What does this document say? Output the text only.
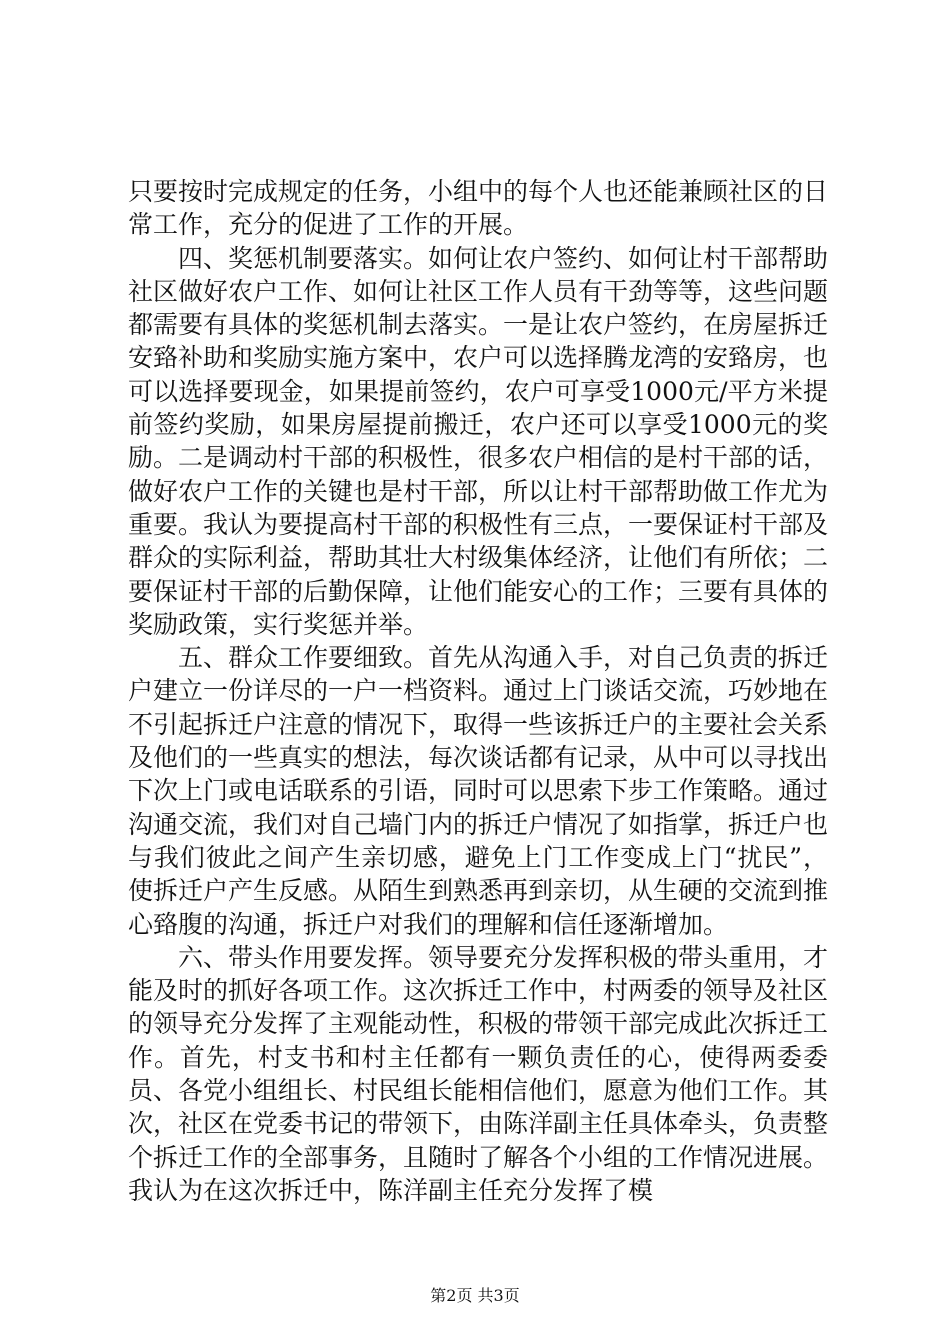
只要按时完成规定的任务，小组中的每个人也还能兼顾社区的日常工作，充分的促进了工作的开展。

四、奖惩机制要落实。如何让农户签约、如何让村干部帮助社区做好农户工作、如何让社区工作人员有干劲等等，这些问题都需要有具体的奖惩机制去落实。一是让农户签约，在房屋拆迁安臵补助和奖励实施方案中，农户可以选择腾龙湾的安臵房，也可以选择要现金，如果提前签约，农户可享受1000元/平方米提前签约奖励，如果房屋提前搬迁，农户还可以享受1000元的奖励。二是调动村干部的积极性，很多农户相信的是村干部的话，做好农户工作的关键也是村干部，所以让村干部帮助做工作尤为重要。我认为要提高村干部的积极性有三点，一要保证村干部及群众的实际利益，帮助其壮大村级集体经济，让他们有所依；二要保证村干部的后勤保障，让他们能安心的工作；三要有具体的奖励政策，实行奖惩并举。

五、群众工作要细致。首先从沟通入手，对自己负责的拆迁户建立一份详尽的一户一档资料。通过上门谈话交流，巧妙地在不引起拆迁户注意的情况下，取得一些该拆迁户的主要社会关系及他们的一些真实的想法，每次谈话都有记录，从中可以寻找出下次上门或电话联系的引语，同时可以思索下步工作策略。通过沟通交流，我们对自己墙门内的拆迁户情况了如指掌，拆迁户也与我们彼此之间产生亲切感，避免上门工作变成上门“扰民”，使拆迁户产生反感。从陌生到熟悉再到亲切，从生硬的交流到推心臵腹的沟通，拆迁户对我们的理解和信任逐渐增加。

六、带头作用要发挥。领导要充分发挥积极的带头重用，才能及时的抓好各项工作。这次拆迁工作中，村两委的领导及社区的领导充分发挥了主观能动性，积极的带领干部完成此次拆迁工作。首先，村支书和村主任都有一颗负责任的心，使得两委委员、各党小组组长、村民组长能相信他们，愿意为他们工作。其次，社区在党委书记的带领下，由陈洋副主任具体牵头，负责整个拆迁工作的全部事务，且随时了解各个小组的工作情况进展。我认为在这次拆迁中，陈洋副主任充分发挥了模

第2页 共3页
